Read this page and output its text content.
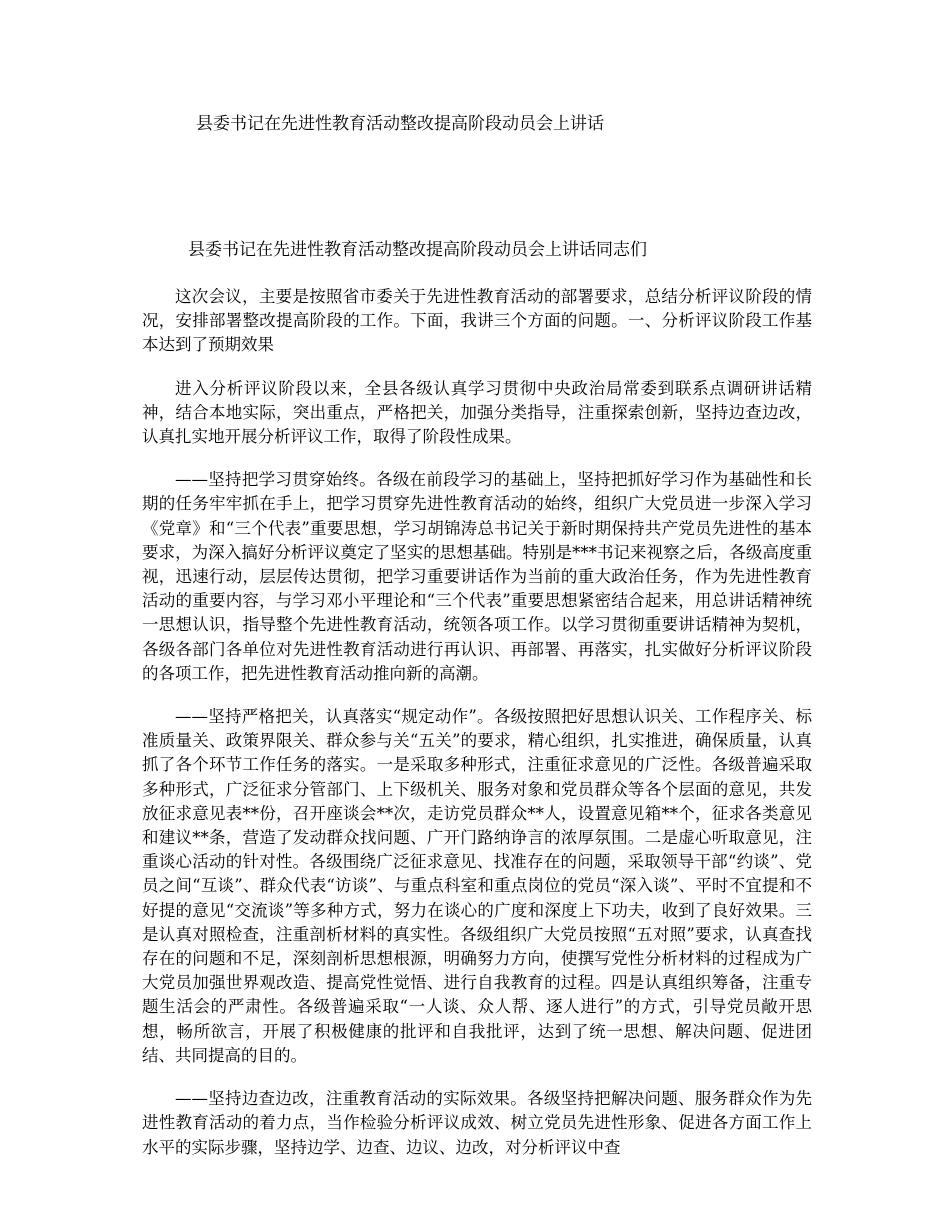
县委书记在先进性教育活动整改提高阶段动员会上讲话
县委书记在先进性教育活动整改提高阶段动员会上讲话同志们

这次会议，主要是按照省市委关于先进性教育活动的部署要求，总结分析评议阶段的情况，安排部署整改提高阶段的工作。下面，我讲三个方面的问题。一、分析评议阶段工作基本达到了预期效果

进入分析评议阶段以来，全县各级认真学习贯彻中央政治局常委到联系点调研讲话精神，结合本地实际，突出重点，严格把关，加强分类指导，注重探索创新，坚持边查边改，认真扎实地开展分析评议工作，取得了阶段性成果。

——坚持把学习贯穿始终。各级在前段学习的基础上，坚持把抓好学习作为基础性和长期的任务牢牢抓在手上，把学习贯穿先进性教育活动的始终，组织广大党员进一步深入学习《党章》和“三个代表”重要思想，学习胡锦涛总书记关于新时期保持共产党员先进性的基本要求，为深入搞好分析评议奠定了坚实的思想基础。特别是***书记来视察之后，各级高度重视，迅速行动，层层传达贯彻，把学习重要讲话作为当前的重大政治任务，作为先进性教育活动的重要内容，与学习邓小平理论和“三个代表”重要思想紧密结合起来，用总讲话精神统一思想认识，指导整个先进性教育活动，统领各项工作。以学习贯彻重要讲话精神为契机，各级各部门各单位对先进性教育活动进行再认识、再部署、再落实，扎实做好分析评议阶段的各项工作，把先进性教育活动推向新的高潮。

——坚持严格把关，认真落实“规定动作”。各级按照把好思想认识关、工作程序关、标准质量关、政策界限关、群众参与关“五关”的要求，精心组织，扎实推进，确保质量，认真抓了各个环节工作任务的落实。一是采取多种形式，注重征求意见的广泛性。各级普遍采取多种形式，广泛征求分管部门、上下级机关、服务对象和党员群众等各个层面的意见，共发放征求意见表**份，召开座谈会**次，走访党员群众**人，设置意见箱**个，征求各类意见和建议**条，营造了发动群众找问题、广开门路纳诤言的浓厚氛围。二是虚心听取意见，注重谈心活动的针对性。各级围绕广泛征求意见、找准存在的问题，采取领导干部“约谈”、党员之间“互谈”、群众代表“访谈”、与重点科室和重点岗位的党员“深入谈”、平时不宜提和不好提的意见“交流谈”等多种方式，努力在谈心的广度和深度上下功夫，收到了良好效果。三是认真对照检查，注重剖析材料的真实性。各级组织广大党员按照“五对照”要求，认真查找存在的问题和不足，深刻剖析思想根源，明确努力方向，使撰写党性分析材料的过程成为广大党员加强世界观改造、提高党性觉悟、进行自我教育的过程。四是认真组织筹备，注重专题生活会的严肃性。各级普遍采取“一人谈、众人帮、逐人进行”的方式，引导党员敞开思想，畅所欲言，开展了积极健康的批评和自我批评，达到了统一思想、解决问题、促进团结、共同提高的目的。

——坚持边查边改，注重教育活动的实际效果。各级坚持把解决问题、服务群众作为先进性教育活动的着力点，当作检验分析评议成效、树立党员先进性形象、促进各方面工作上水平的实际步骤，坚持边学、边查、边议、边改，对分析评议中查
